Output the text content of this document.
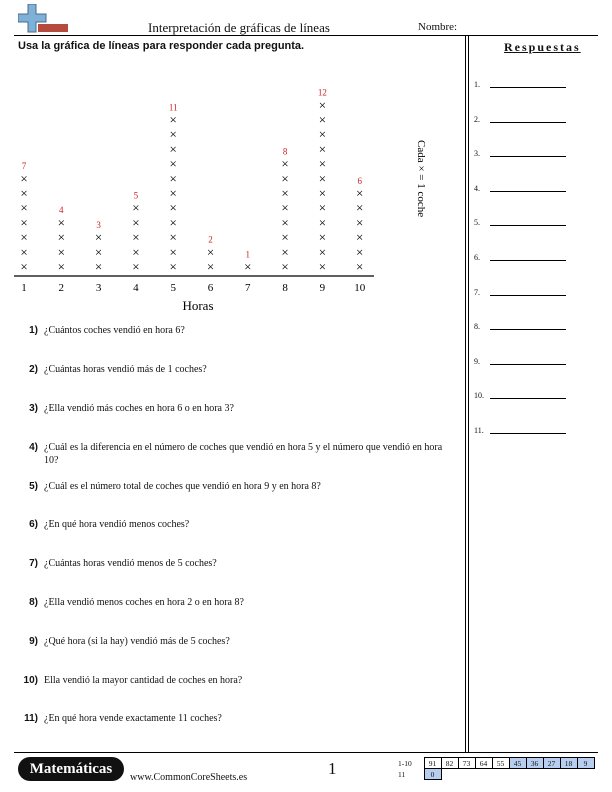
Interpretación de gráficas de líneas	Nombre:
Usa la gráfica de líneas para responder cada pregunta.	Respuestas
1.
2.
3.
4.
5.
6.
7.
8.
9.
10.
11.
1
×
×
×
×
×
×
×
7
2
×
×
×
×
4
3
×
×
×
3
4
×
×
×
×
×
5
5
×
×
×
×
×
×
×
×
×
×
×
11
6
×
×
2
7
×
1
8
×
×
×
×
×
×
×
×
8
9
×
×
×
×
×
×
×
×
×
×
×
×
12
10
×
×
×
×
×
×
6
Horas
Cada × = 1 coche
1) ¿Cuántos coches vendió en hora 6?
2) ¿Cuántas horas vendió más de 1 coches?
3) ¿Ella vendió más coches en hora 6 o en hora 3?
4) ¿Cuál es la diferencia en el número de coches que vendió en hora 5 y el número que vendió en hora 10?
5) ¿Cuál es el número total de coches que vendió en hora 9 y en hora 8?
6) ¿En qué hora vendió menos coches?
7) ¿Cuántas horas vendió menos de 5 coches?
8) ¿Ella vendió menos coches en hora 2 o en hora 8?
9) ¿Qué hora (si la hay) vendió más de 5 coches?
10) Ella vendió la mayor cantidad de coches en hora?
11) ¿En qué hora vende exactamente 11 coches?
Matemáticas
www.CommonCoreSheets.es	1	1-10	91	82	73	64	55	45	36	27	18	9
11	0									
